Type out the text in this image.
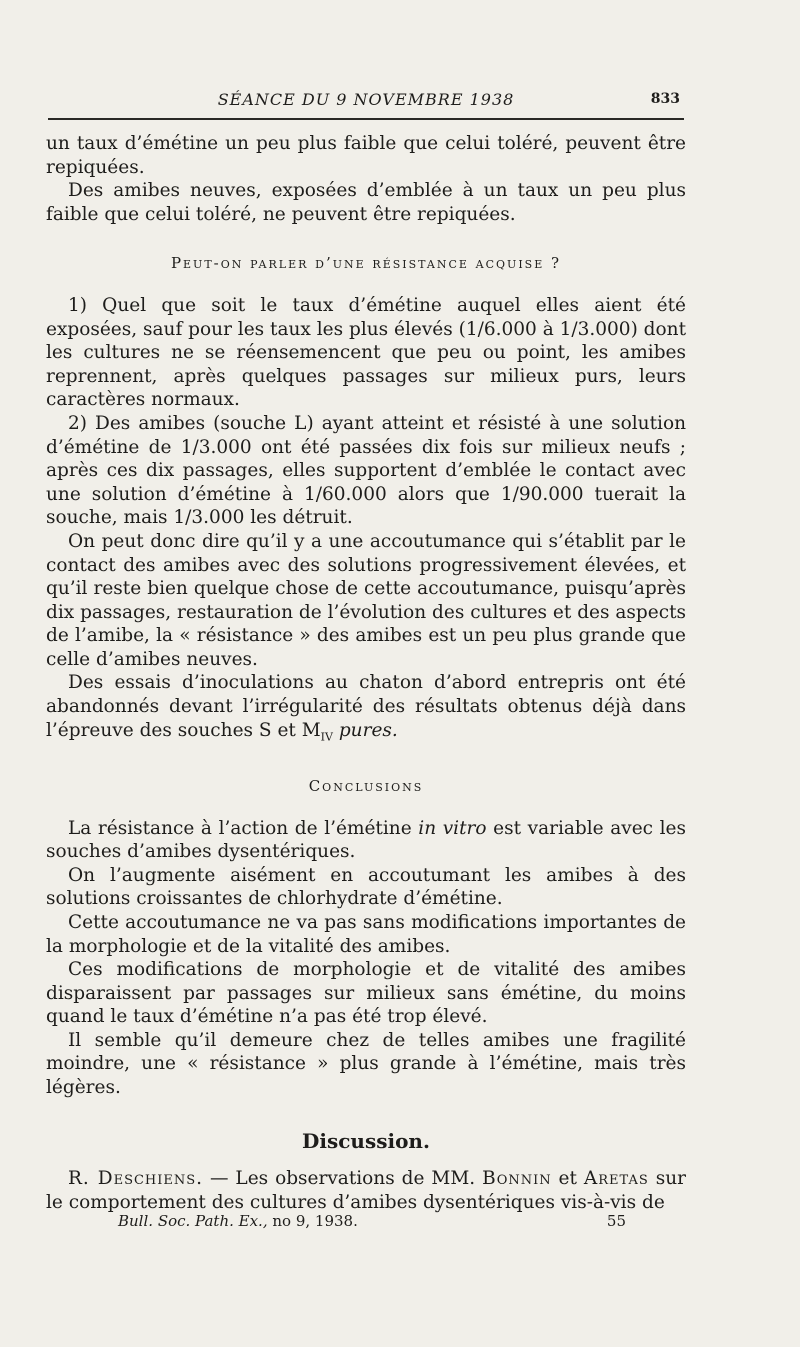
SÉANCE DU 9 NOVEMBRE 1938	833

un taux d’émétine un peu plus faible que celui toléré, peuvent être repiquées.

Des amibes neuves, exposées d’emblée à un taux un peu plus faible que celui toléré, ne peuvent être repiquées.

Peut-on parler d’une résistance acquise ?

1) Quel que soit le taux d’émétine auquel elles aient été exposées, sauf pour les taux les plus élevés (1/6.000 à 1/3.000) dont les cultures ne se réensemencent que peu ou point, les amibes reprennent, après quelques passages sur milieux purs, leurs caractères normaux.

2) Des amibes (souche L) ayant atteint et résisté à une solution d’émétine de 1/3.000 ont été passées dix fois sur milieux neufs ; après ces dix passages, elles supportent d’emblée le contact avec une solution d’émétine à 1/60.000 alors que 1/90.000 tuerait la souche, mais 1/3.000 les détruit.

On peut donc dire qu’il y a une accoutumance qui s’établit par le contact des amibes avec des solutions progressivement élevées, et qu’il reste bien quelque chose de cette accoutumance, puisqu’après dix passages, restauration de l’évolution des cultures et des aspects de l’amibe, la « résistance » des amibes est un peu plus grande que celle d’amibes neuves.

Des essais d’inoculations au chaton d’abord entrepris ont été abandonnés devant l’irrégularité des résultats obtenus déjà dans l’épreuve des souches S et $M_{IV}$ pures.

Conclusions

La résistance à l’action de l’émétine in vitro est variable avec les souches d’amibes dysentériques.

On l’augmente aisément en accoutumant les amibes à des solutions croissantes de chlorhydrate d’émétine.

Cette accoutumance ne va pas sans modifications importantes de la morphologie et de la vitalité des amibes.

Ces modifications de morphologie et de vitalité des amibes disparaissent par passages sur milieux sans émétine, du moins quand le taux d’émétine n’a pas été trop élevé.

Il semble qu’il demeure chez de telles amibes une fragilité moindre, une « résistance » plus grande à l’émétine, mais très légères.

Discussion.

R. Deschiens. — Les observations de MM. Bonnin et Aretas sur le comportement des cultures d’amibes dysentériques vis-à-vis de

Bull. Soc. Path. Ex., no 9, 1938.	55
